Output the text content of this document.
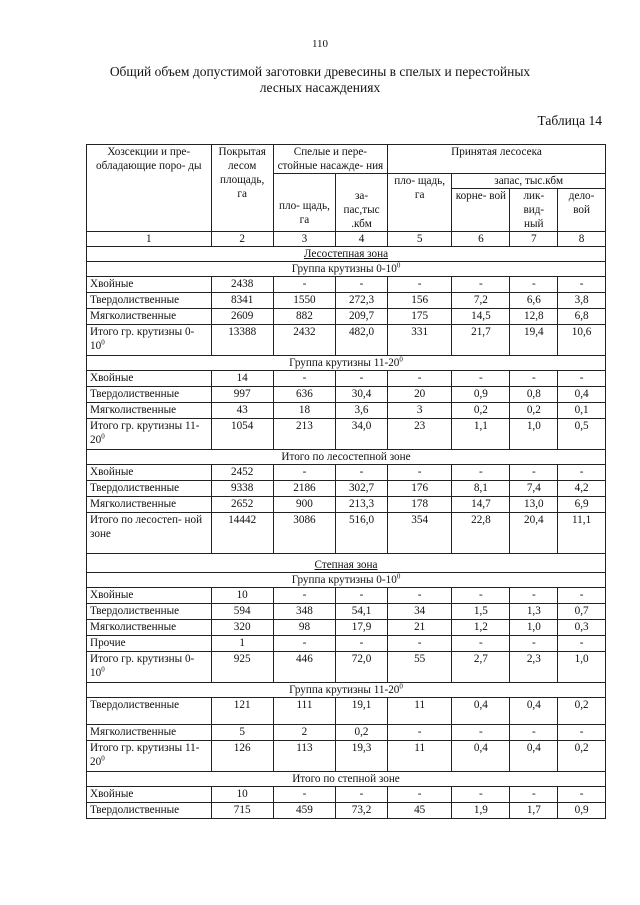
110
Общий объем допустимой заготовки древесины в спелых и перестойных
лесных насаждениях
Таблица 14
Хозсекции и пре- обладающие поро- ды	Покрытая лесом площадь, га	Спелые и пере- стойные насажде- ния		Принятая лесосека			
		пло- щадь, га	за- пас,тыс .кбм	пло- щадь, га	запас, тыс.кбм		
					корне- вой	лик- вид- ный	дело- вой
1	2	3	4	5	6	7	8
Лесостепная зона							
Группа крутизны $0-10^0$
Хвойные	2438	-	-	-	-	-	-
Твердолиственные	8341	1550	272,3	156	7,2	6,6	3,8
Мягколиственные	2609	882	209,7	175	14,5	12,8	6,8
Итого гр. крутизны $0-10^0$	13388	2432	482,0	331	21,7	19,4	10,6
Группа крутизны $11-20^0$
Хвойные	14	-	-	-	-	-	-
Твердолиственные	997	636	30,4	20	0,9	0,8	0,4
Мягколиственные	43	18	3,6	3	0,2	0,2	0,1
Итого гр. крутизны $11-20^0$	1054	213	34,0	23	1,1	1,0	0,5
Итого по лесостепной зоне							
Хвойные	2452	-	-	-	-	-	-
Твердолиственные	9338	2186	302,7	176	8,1	7,4	4,2
Мягколиственные	2652	900	213,3	178	14,7	13,0	6,9
Итого по лесостеп- ной зоне	14442	3086	516,0	354	22,8	20,4	11,1
Степная зона							
Группа крутизны $0-10^0$
Хвойные	10	-	-	-	-	-	-
Твердолиственные	594	348	54,1	34	1,5	1,3	0,7
Мягколиственные	320	98	17,9	21	1,2	1,0	0,3
Прочие	1	-	-	-	-	-	-
Итого гр. крутизны $0-10^0$	925	446	72,0	55	2,7	2,3	1,0
Группа крутизны $11-20^0$
Твердолиственные	121	111	19,1	11	0,4	0,4	0,2
Мягколиственные	5	2	0,2	-	-	-	-
Итого гр. крутизны $11-20^0$	126	113	19,3	11	0,4	0,4	0,2
Итого по степной зоне							
Хвойные	10	-	-	-	-	-	-
Твердолиственные	715	459	73,2	45	1,9	1,7	0,9
